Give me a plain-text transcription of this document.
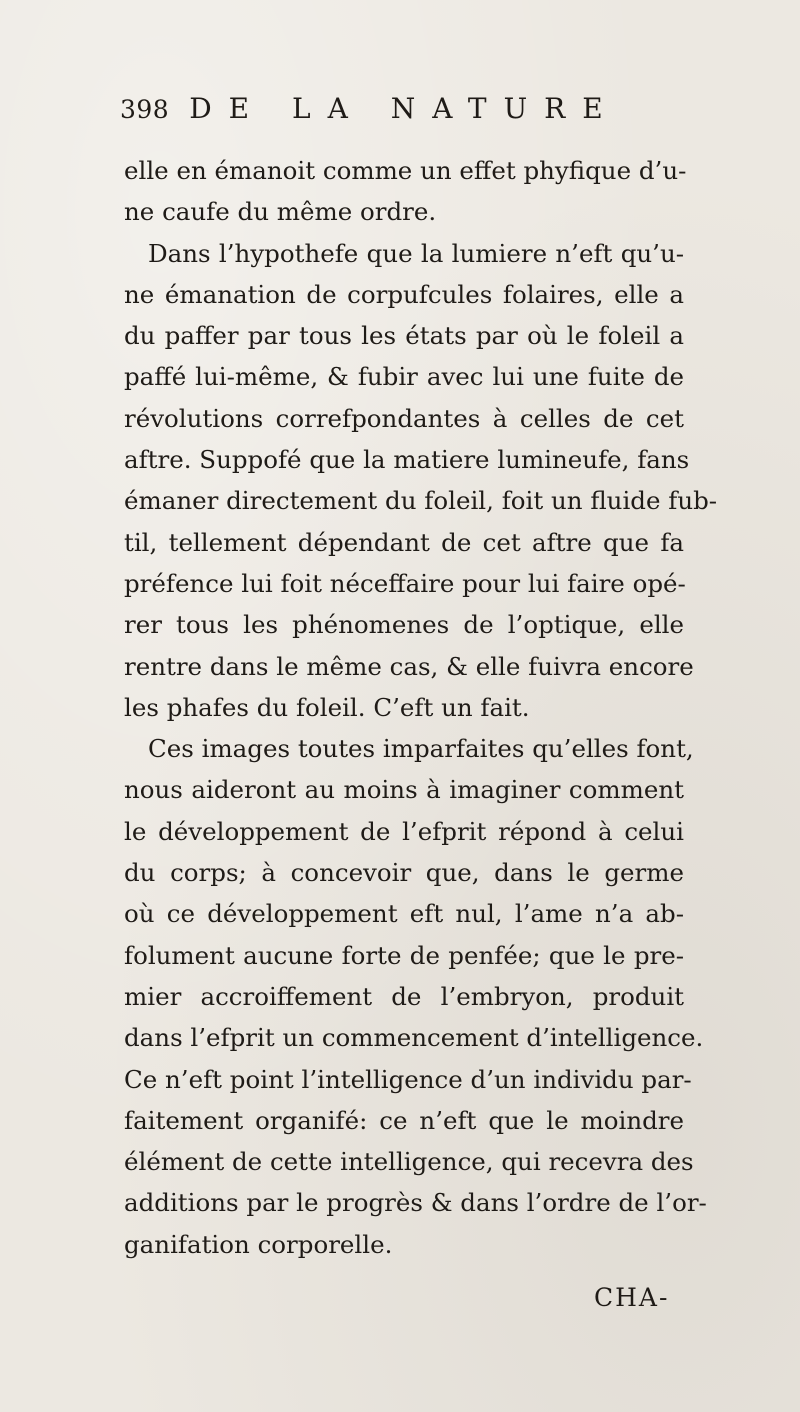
398 DE LA NATURE
elle en émanoit comme un effet phyfique d’u-
ne caufe du même ordre.
Dans l’hypothefe que la lumiere n’eft qu’u-
ne émanation de corpufcules folaires, elle a
du paffer par tous les états par où le foleil a
paffé lui-même, & fubir avec lui une fuite de
révolutions correfpondantes à celles de cet
aftre. Suppofé que la matiere lumineufe, fans
émaner directement du foleil, foit un fluide fub-
til, tellement dépendant de cet aftre que fa
préfence lui foit néceffaire pour lui faire opé-
rer tous les phénomenes de l’optique, elle
rentre dans le même cas, & elle fuivra encore
les phafes du foleil. C’eft un fait.
Ces images toutes imparfaites qu’elles font,
nous aideront au moins à imaginer comment
le développement de l’efprit répond à celui
du corps; à concevoir que, dans le germe
où ce développement eft nul, l’ame n’a ab-
folument aucune forte de penfée; que le pre-
mier accroiffement de l’embryon, produit
dans l’efprit un commencement d’intelligence.
Ce n’eft point l’intelligence d’un individu par-
faitement organifé: ce n’eft que le moindre
élément de cette intelligence, qui recevra des
additions par le progrès & dans l’ordre de l’or-
ganifation corporelle.
CHA-
